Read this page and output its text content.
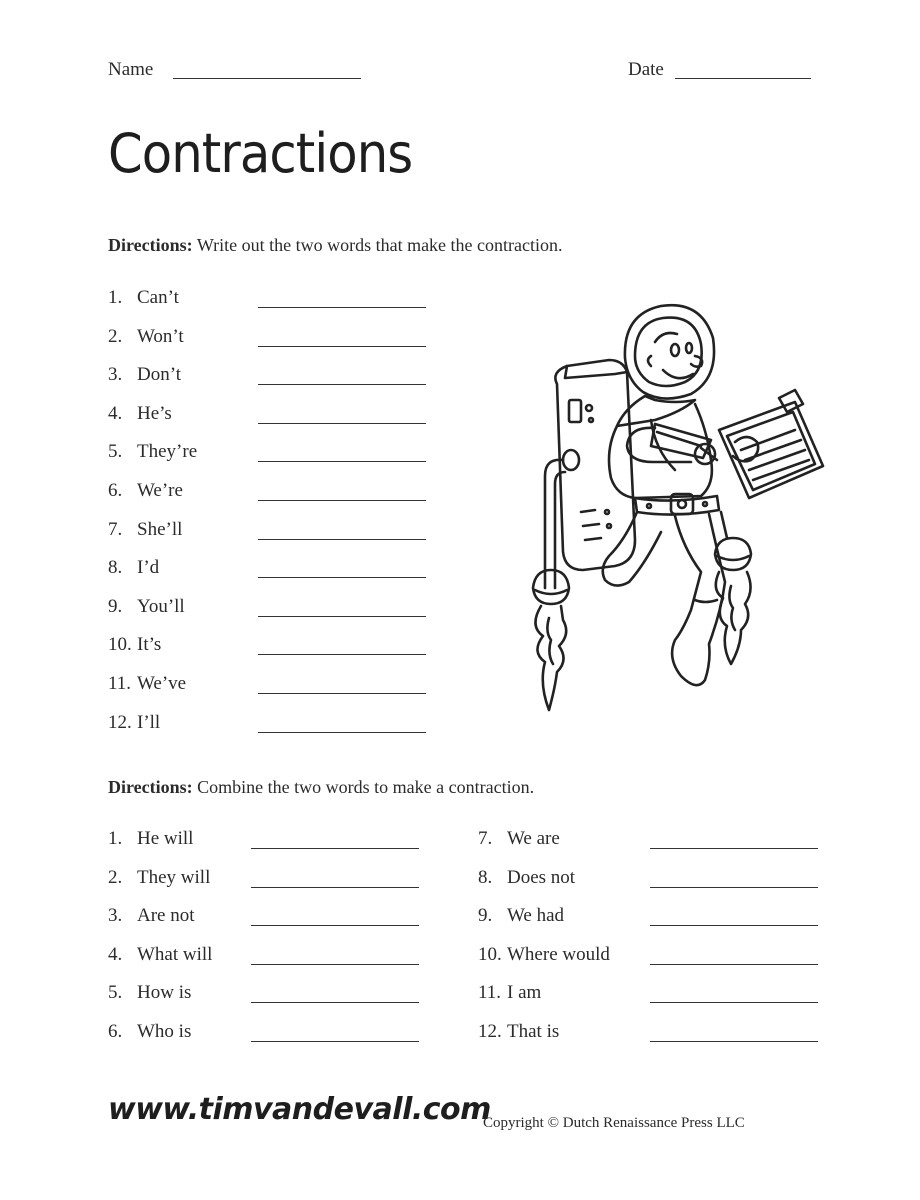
Name	Date
Contractions
Directions: Write out the two words that make the contraction.
1. Can’t
2. Won’t
3. Don’t
4. He’s
5. They’re
6. We’re
7. She’ll
8. I’d
9. You’ll
10. It’s
11. We’ve
12. I’ll
Directions: Combine the two words to make a contraction.
1. He will
2. They will
3. Are not
4. What will
5. How is
6. Who is
7. We are
8. Does not
9. We had
10. Where would
11. I am
12. That is
www.timvandevall.com
Copyright © Dutch Renaissance Press LLC
